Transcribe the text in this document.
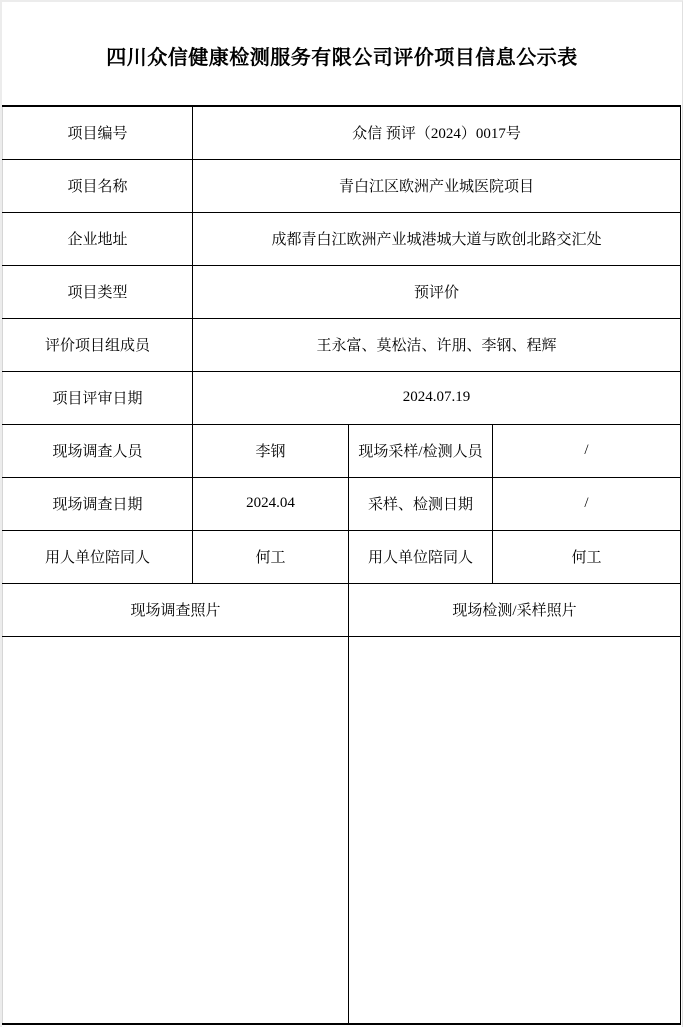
四川众信健康检测服务有限公司评价项目信息公示表
项目编号	众信 预评（2024）0017号		
项目名称	青白江区欧洲产业城医院项目		
企业地址	成都青白江欧洲产业城港城大道与欧创北路交汇处		
项目类型	预评价		
评价项目组成员	王永富、莫松洁、许朋、李钢、程辉		
项目评审日期	2024.07.19		
现场调查人员	李钢	现场采样/检测人员	/
现场调查日期	2024.04	采样、检测日期	/
用人单位陪同人	何工	用人单位陪同人	何工
现场调查照片		现场检测/采样照片	
